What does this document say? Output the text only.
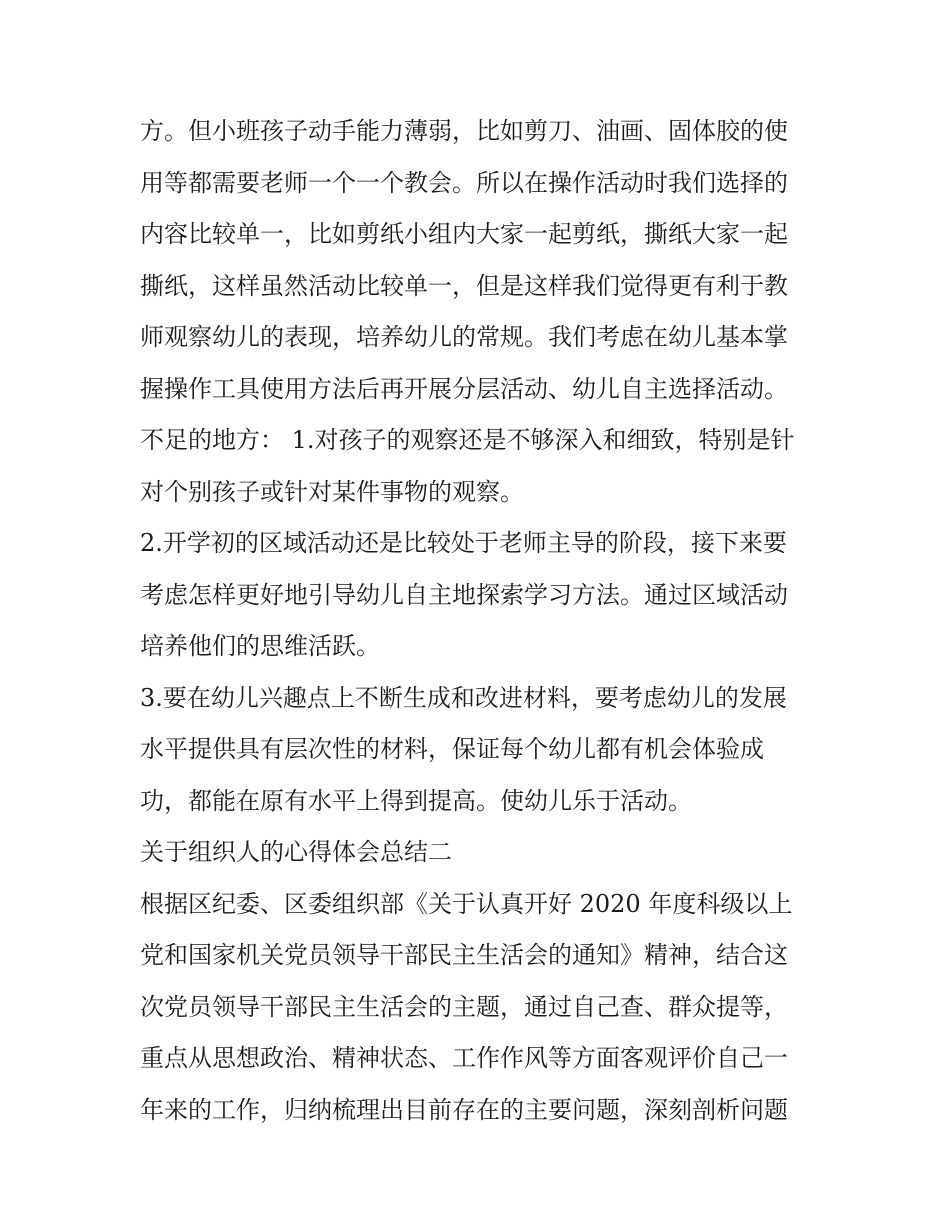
方。但小班孩子动手能力薄弱，比如剪刀、油画、固体胶的使
用等都需要老师一个一个教会。所以在操作活动时我们选择的
内容比较单一，比如剪纸小组内大家一起剪纸，撕纸大家一起
撕纸，这样虽然活动比较单一，但是这样我们觉得更有利于教
师观察幼儿的表现，培养幼儿的常规。我们考虑在幼儿基本掌
握操作工具使用方法后再开展分层活动、幼儿自主选择活动。
不足的地方： 1.对孩子的观察还是不够深入和细致，特别是针
对个别孩子或针对某件事物的观察。
2.开学初的区域活动还是比较处于老师主导的阶段，接下来要
考虑怎样更好地引导幼儿自主地探索学习方法。通过区域活动
培养他们的思维活跃。
3.要在幼儿兴趣点上不断生成和改进材料，要考虑幼儿的发展
水平提供具有层次性的材料，保证每个幼儿都有机会体验成
功，都能在原有水平上得到提高。使幼儿乐于活动。
关于组织人的心得体会总结二
根据区纪委、区委组织部《关于认真开好 2020 年度科级以上
党和国家机关党员领导干部民主生活会的通知》精神，结合这
次党员领导干部民主生活会的主题，通过自己查、群众提等，
重点从思想政治、精神状态、工作作风等方面客观评价自己一
年来的工作，归纳梳理出目前存在的主要问题，深刻剖析问题
